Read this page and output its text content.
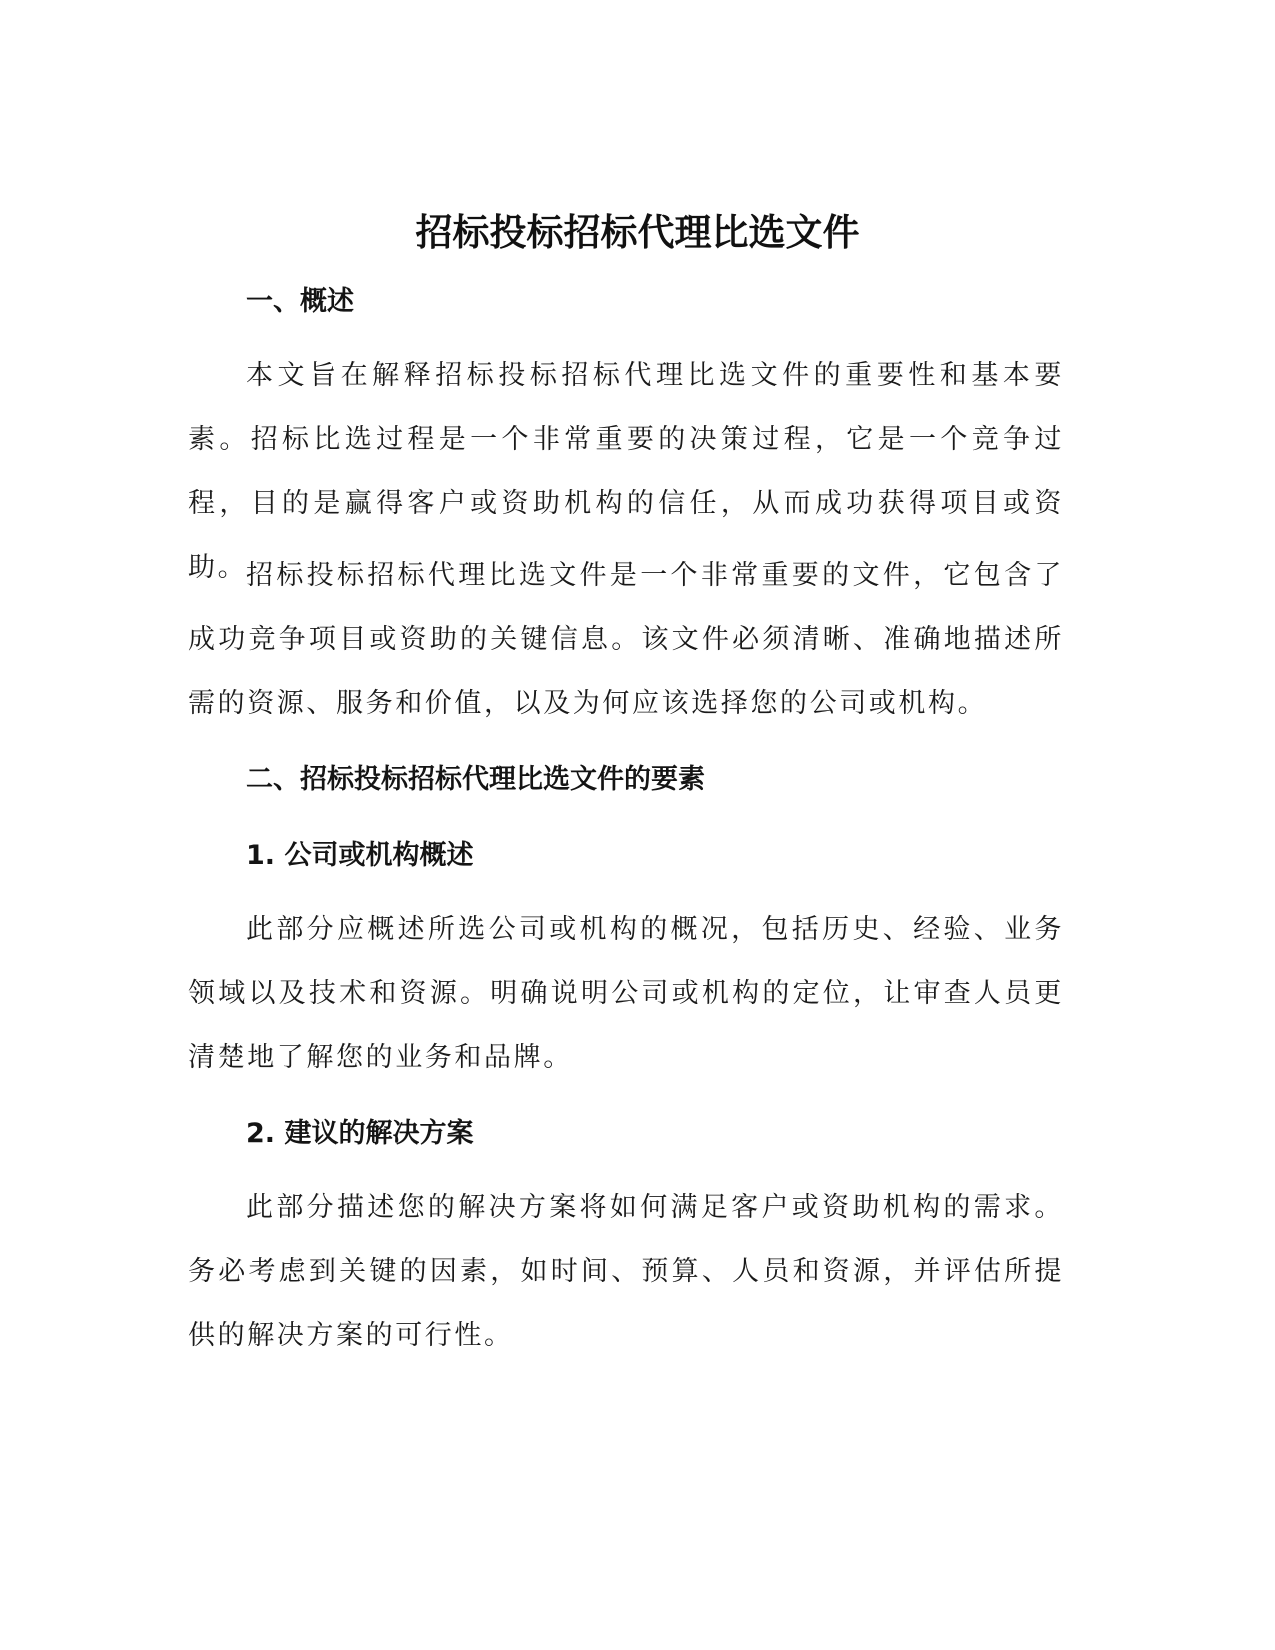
招标投标招标代理比选文件
一、概述
本文旨在解释招标投标招标代理比选文件的重要性和基本要素。招标比选过程是一个非常重要的决策过程，它是一个竞争过程，目的是赢得客户或资助机构的信任，从而成功获得项目或资助。
招标投标招标代理比选文件是一个非常重要的文件，它包含了成功竞争项目或资助的关键信息。该文件必须清晰、准确地描述所需的资源、服务和价值，以及为何应该选择您的公司或机构。
二、招标投标招标代理比选文件的要素
1. 公司或机构概述
此部分应概述所选公司或机构的概况，包括历史、经验、业务领域以及技术和资源。明确说明公司或机构的定位，让审查人员更清楚地了解您的业务和品牌。
2. 建议的解决方案
此部分描述您的解决方案将如何满足客户或资助机构的需求。务必考虑到关键的因素，如时间、预算、人员和资源，并评估所提供的解决方案的可行性。
